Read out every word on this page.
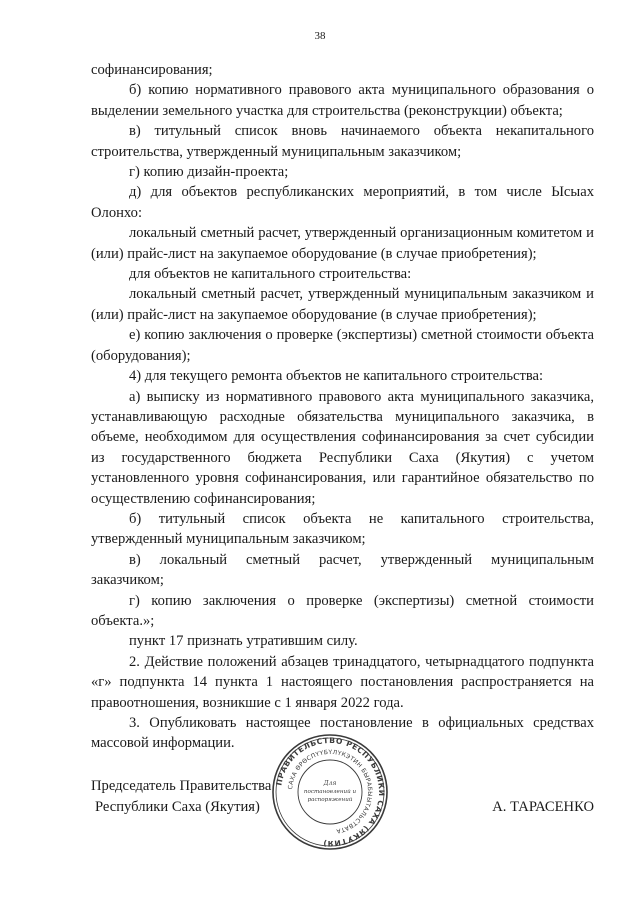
38

софинансирования;

б) копию нормативного правового акта муниципального образования о выделении земельного участка для строительства (реконструкции) объекта;

в) титульный список вновь начинаемого объекта некапитального строительства, утвержденный муниципальным заказчиком;

г) копию дизайн-проекта;

д) для объектов республиканских мероприятий, в том числе Ысыах Олонхо:

локальный сметный расчет, утвержденный организационным комитетом и (или) прайс-лист на закупаемое оборудование (в случае приобретения);

для объектов не капитального строительства:

локальный сметный расчет, утвержденный муниципальным заказчиком и (или) прайс-лист на закупаемое оборудование (в случае приобретения);

е) копию заключения о проверке (экспертизы) сметной стоимости объекта (оборудования);

4) для текущего ремонта объектов не капитального строительства:

а) выписку из нормативного правового акта муниципального заказчика, устанавливающую расходные обязательства муниципального заказчика, в объеме, необходимом для осуществления софинансирования за счет субсидии из государственного бюджета Республики Саха (Якутия) с учетом установленного уровня софинансирования, или гарантийное обязательство по осуществлению софинансирования;

б) титульный список объекта не капитального строительства, утвержденный муниципальным заказчиком;

в) локальный сметный расчет, утвержденный муниципальным заказчиком;

г) копию заключения о проверке (экспертизы) сметной стоимости объекта.»;

пункт 17 признать утратившим силу.

2. Действие положений абзацев тринадцатого, четырнадцатого подпункта «г» подпункта 14 пункта 1 настоящего постановления распространяется на правоотношения, возникшие с 1 января 2022 года.

3. Опубликовать настоящее постановление в официальных средствах массовой информации.

ПРАВИТЕЛЬСТВО РЕСПУБЛИКИ САХА (ЯКУТИЯ)
САХА ӨРӨСПҮҮБҮЛҮКЭТИН БЫРАБЫЫТАЛЬСТВАТА
Для
постановлений и
распоряжений
Председатель Правительства
Республики Саха (Якутия)	А. ТАРАСЕНКО
